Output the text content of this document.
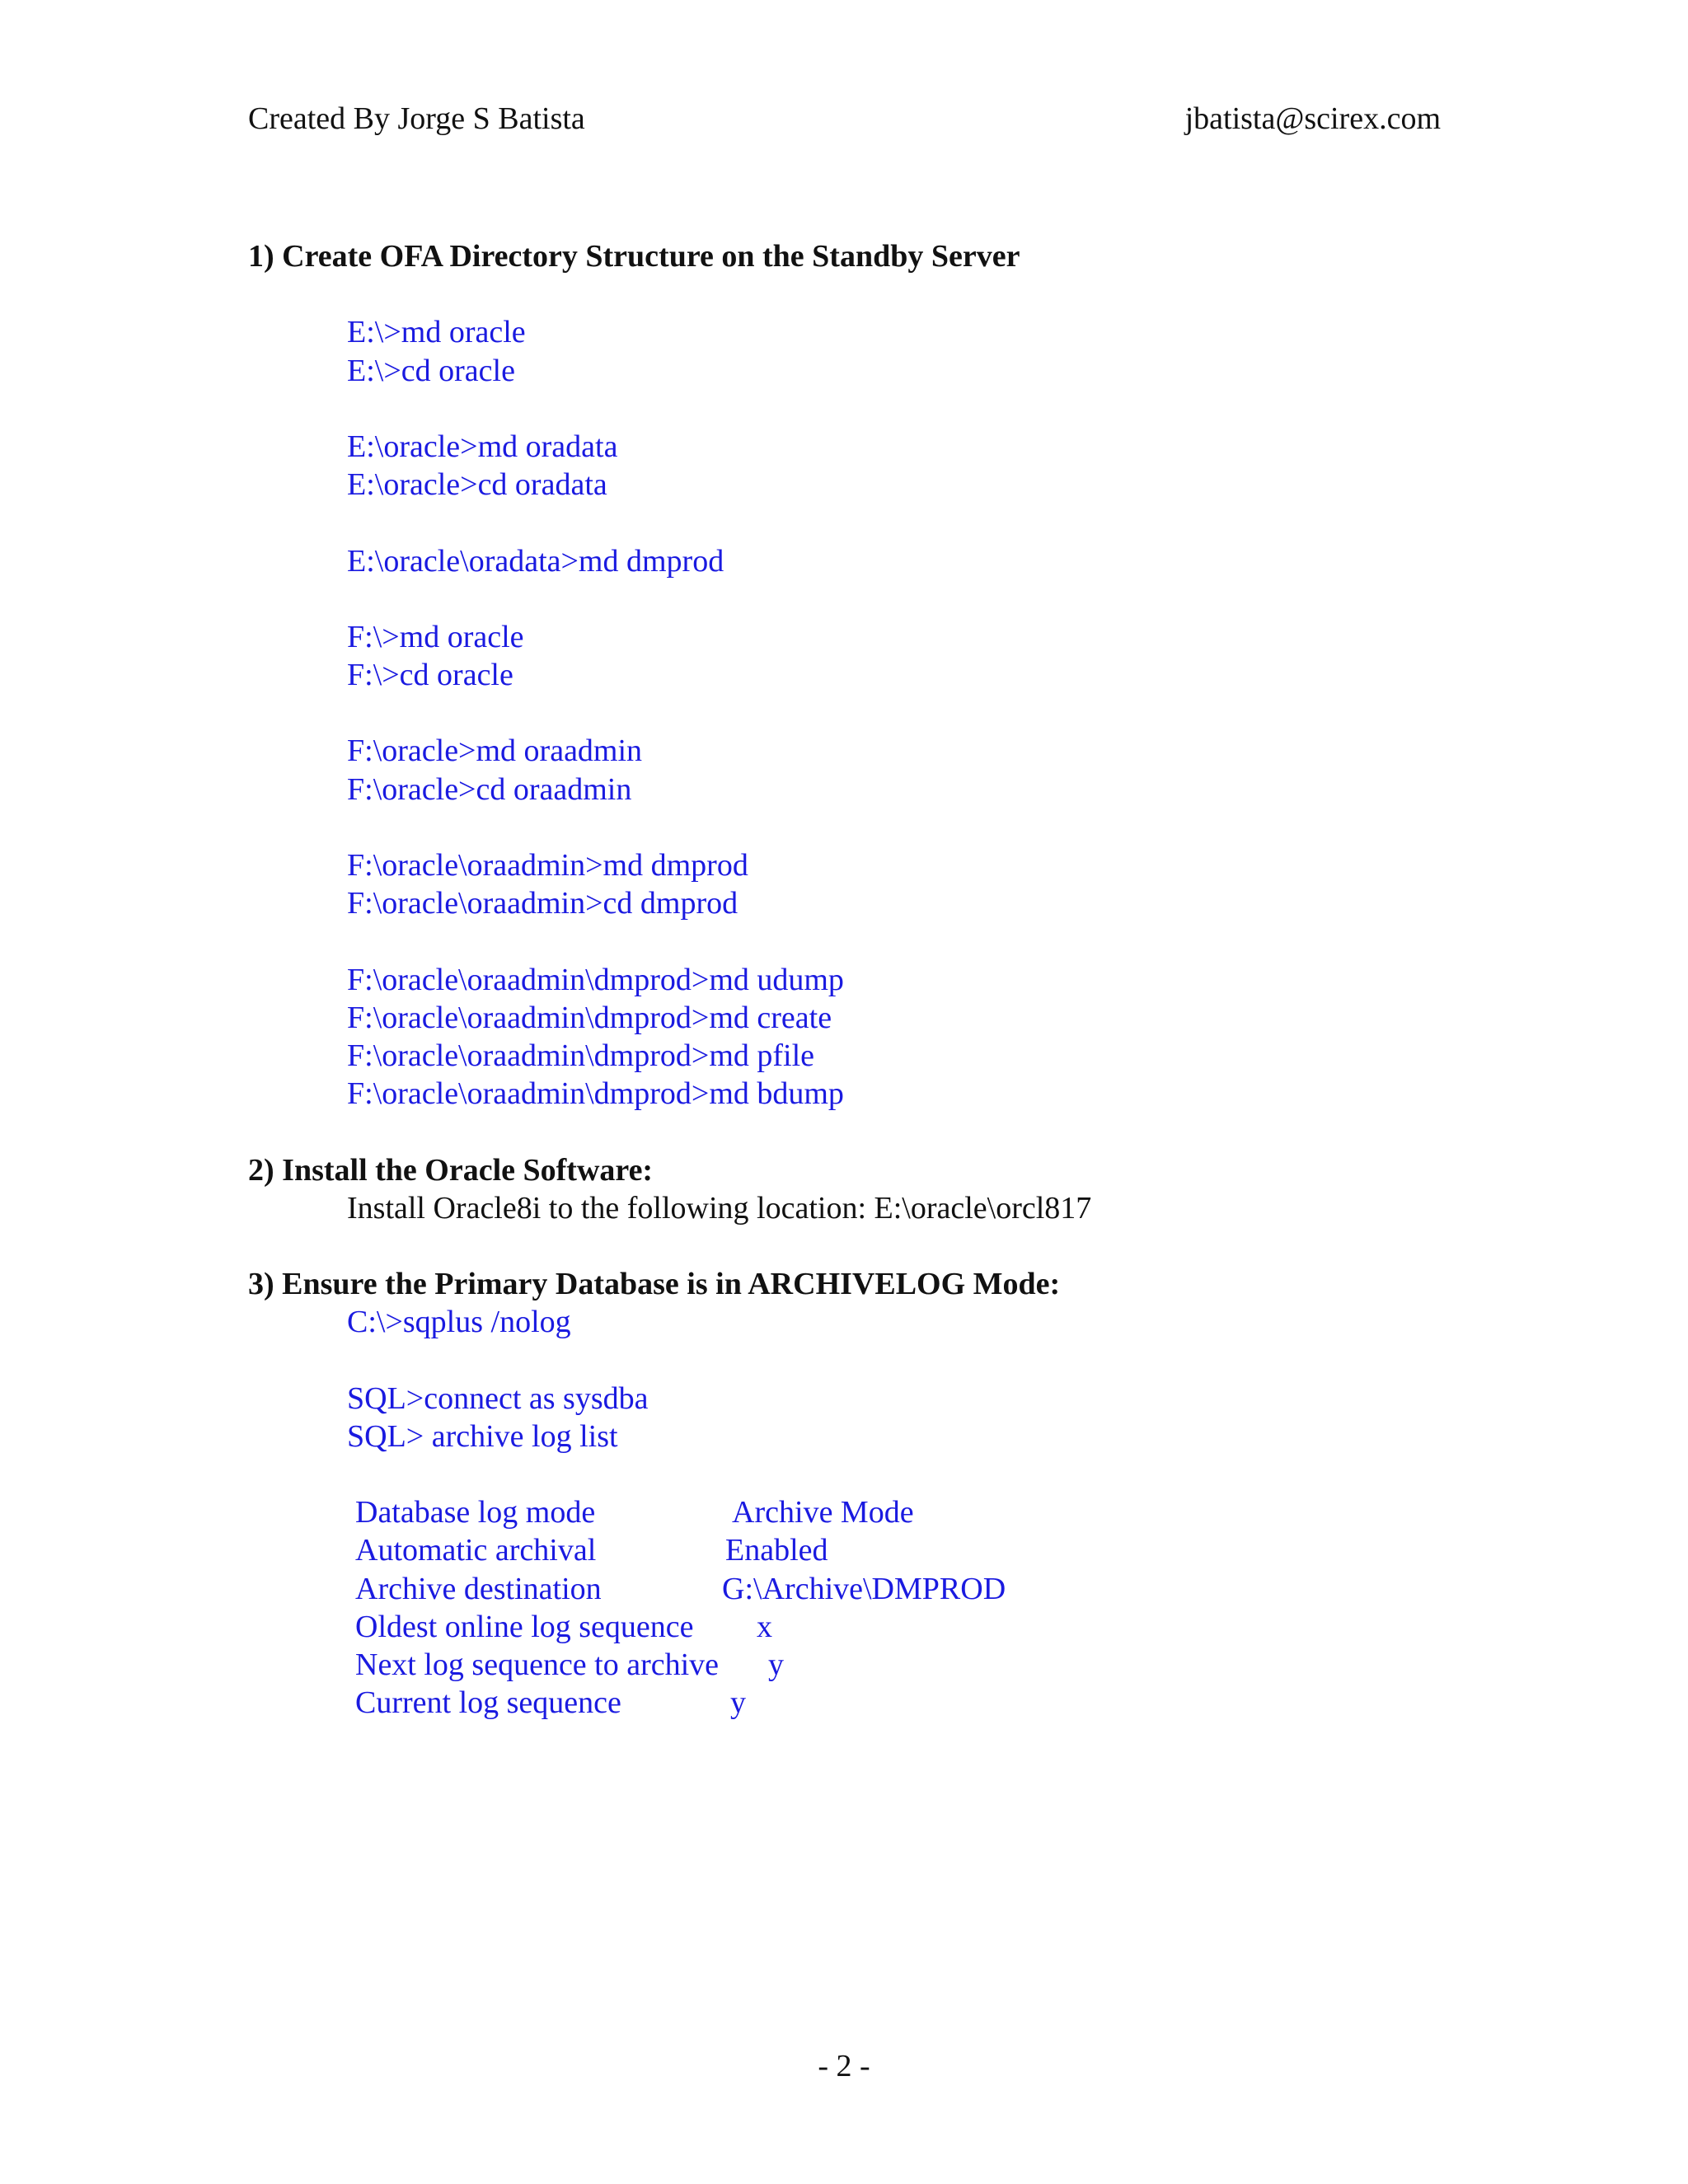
Created By Jorge S Batista	jbatista@scirex.com
1) Create OFA Directory Structure on the Standby Server
E:\>md oracle
E:\>cd oracle
E:\oracle>md oradata
E:\oracle>cd oradata
E:\oracle\oradata>md dmprod
F:\>md oracle
F:\>cd oracle
F:\oracle>md oraadmin
F:\oracle>cd oraadmin
F:\oracle\oraadmin>md dmprod
F:\oracle\oraadmin>cd dmprod
F:\oracle\oraadmin\dmprod>md udump
F:\oracle\oraadmin\dmprod>md create
F:\oracle\oraadmin\dmprod>md pfile
F:\oracle\oraadmin\dmprod>md bdump
2) Install the Oracle Software:
Install Oracle8i to the following location: E:\oracle\orcl817
3) Ensure the Primary Database is in ARCHIVELOG Mode:
C:\>sqplus /nolog
SQL>connect as sysdba
SQL> archive log list
Database log mode	Archive Mode
Automatic archival	Enabled
Archive destination	G:\Archive\DMPROD
Oldest online log sequence	x
Next log sequence to archive	y
Current log sequence	y
- 2 -
